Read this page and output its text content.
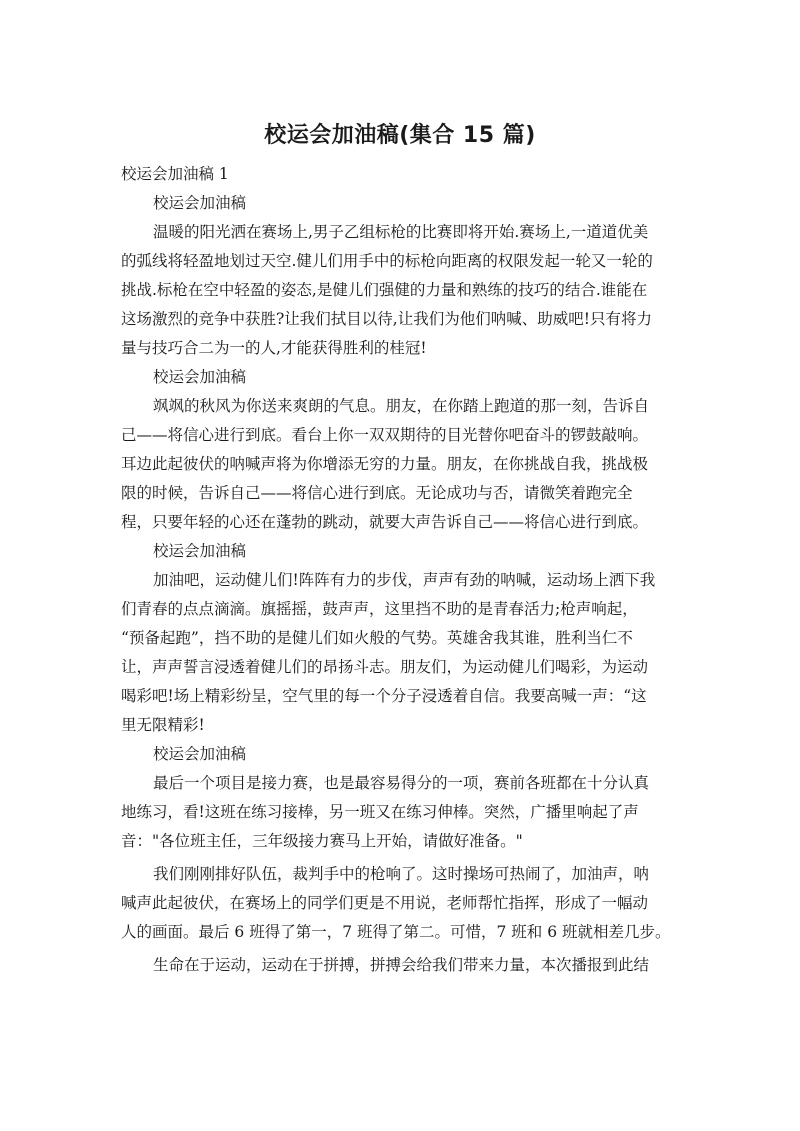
校运会加油稿(集合 15 篇)
校运会加油稿 1
校运会加油稿
温暖的阳光洒在赛场上,男子乙组标枪的比赛即将开始.赛场上,一道道优美
的弧线将轻盈地划过天空.健儿们用手中的标枪向距离的权限发起一轮又一轮的
挑战.标枪在空中轻盈的姿态,是健儿们强健的力量和熟练的技巧的结合.谁能在
这场激烈的竞争中获胜?让我们拭目以待,让我们为他们呐喊、助威吧!只有将力
量与技巧合二为一的人,才能获得胜利的桂冠!
校运会加油稿
飒飒的秋风为你送来爽朗的气息。朋友，在你踏上跑道的那一刻，告诉自
己——将信心进行到底。看台上你一双双期待的目光替你吧奋斗的锣鼓敲响。
耳边此起彼伏的呐喊声将为你增添无穷的力量。朋友，在你挑战自我，挑战极
限的时候，告诉自己——将信心进行到底。无论成功与否，请微笑着跑完全
程，只要年轻的心还在蓬勃的跳动，就要大声告诉自己——将信心进行到底。
校运会加油稿
加油吧，运动健儿们!阵阵有力的步伐，声声有劲的呐喊，运动场上洒下我
们青春的点点滴滴。旗摇摇，鼓声声，这里挡不助的是青春活力;枪声响起，
“预备起跑”，挡不助的是健儿们如火般的气势。英雄舍我其谁，胜利当仁不
让，声声誓言浸透着健儿们的昂扬斗志。朋友们，为运动健儿们喝彩，为运动
喝彩吧!场上精彩纷呈，空气里的每一个分子浸透着自信。我要高喊一声：“这
里无限精彩!
校运会加油稿
最后一个项目是接力赛，也是最容易得分的一项，赛前各班都在十分认真
地练习，看!这班在练习接棒，另一班又在练习伸棒。突然，广播里响起了声
音："各位班主任，三年级接力赛马上开始，请做好准备。"
我们刚刚排好队伍，裁判手中的枪响了。这时操场可热闹了，加油声，呐
喊声此起彼伏，在赛场上的同学们更是不用说，老师帮忙指挥，形成了一幅动
人的画面。最后 6 班得了第一，7 班得了第二。可惜，7 班和 6 班就相差几步。
生命在于运动，运动在于拼搏，拼搏会给我们带来力量，本次播报到此结
